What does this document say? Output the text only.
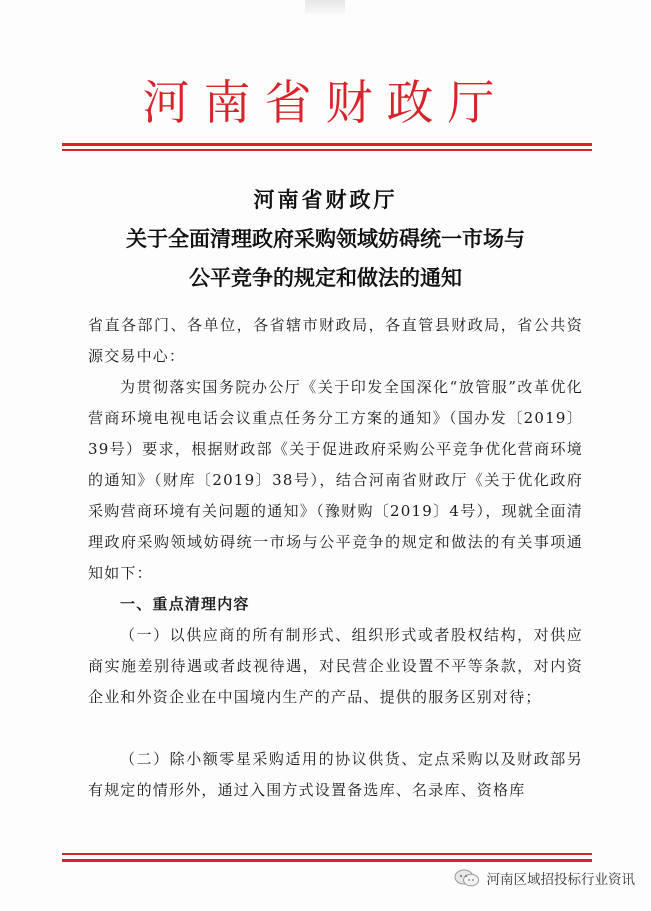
河南省财政厅
河南省财政厅
关于全面清理政府采购领域妨碍统一市场与
公平竞争的规定和做法的通知
省直各部门、各单位，各省辖市财政局，各直管县财政局，省公共资源交易中心：
为贯彻落实国务院办公厅《关于印发全国深化“放管服”改革优化营商环境电视电话会议重点任务分工方案的通知》（国办发〔2019〕39号）要求，根据财政部《关于促进政府采购公平竞争优化营商环境的通知》（财库〔2019〕38号），结合河南省财政厅《关于优化政府采购营商环境有关问题的通知》（豫财购〔2019〕4号），现就全面清理政府采购领域妨碍统一市场与公平竞争的规定和做法的有关事项通知如下：
一、重点清理内容
（一）以供应商的所有制形式、组织形式或者股权结构，对供应商实施差别待遇或者歧视待遇，对民营企业设置不平等条款，对内资企业和外资企业在中国境内生产的产品、提供的服务区别对待；
（二）除小额零星采购适用的协议供货、定点采购以及财政部另有规定的情形外，通过入围方式设置备选库、名录库、资格库
河南区域招投标行业资讯
